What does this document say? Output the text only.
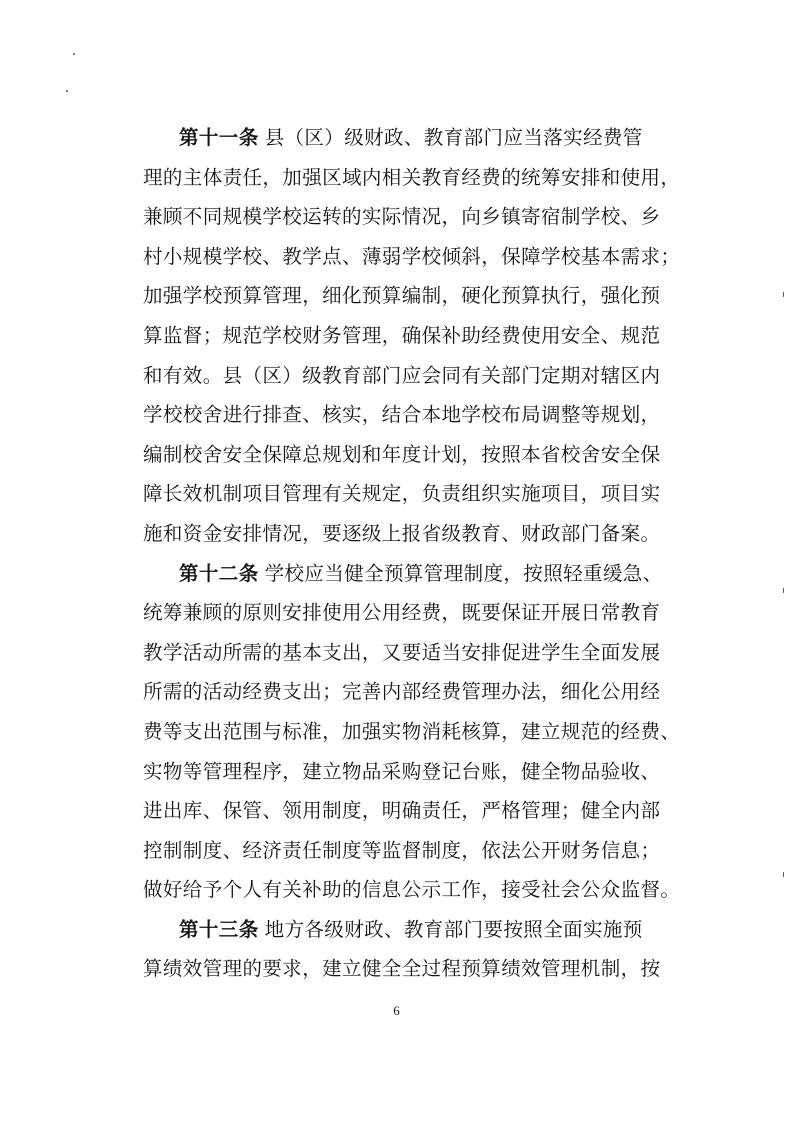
第十一条 县（区）级财政、教育部门应当落实经费管
理的主体责任，加强区域内相关教育经费的统筹安排和使用，
兼顾不同规模学校运转的实际情况，向乡镇寄宿制学校、乡
村小规模学校、教学点、薄弱学校倾斜，保障学校基本需求；
加强学校预算管理，细化预算编制，硬化预算执行，强化预
算监督；规范学校财务管理，确保补助经费使用安全、规范
和有效。县（区）级教育部门应会同有关部门定期对辖区内
学校校舍进行排查、核实，结合本地学校布局调整等规划，
编制校舍安全保障总规划和年度计划，按照本省校舍安全保
障长效机制项目管理有关规定，负责组织实施项目，项目实
施和资金安排情况，要逐级上报省级教育、财政部门备案。
第十二条 学校应当健全预算管理制度，按照轻重缓急、
统筹兼顾的原则安排使用公用经费，既要保证开展日常教育
教学活动所需的基本支出，又要适当安排促进学生全面发展
所需的活动经费支出；完善内部经费管理办法，细化公用经
费等支出范围与标准，加强实物消耗核算，建立规范的经费、
实物等管理程序，建立物品采购登记台账，健全物品验收、
进出库、保管、领用制度，明确责任，严格管理；健全内部
控制制度、经济责任制度等监督制度，依法公开财务信息；
做好给予个人有关补助的信息公示工作，接受社会公众监督。
第十三条 地方各级财政、教育部门要按照全面实施预
算绩效管理的要求，建立健全全过程预算绩效管理机制，按
6
